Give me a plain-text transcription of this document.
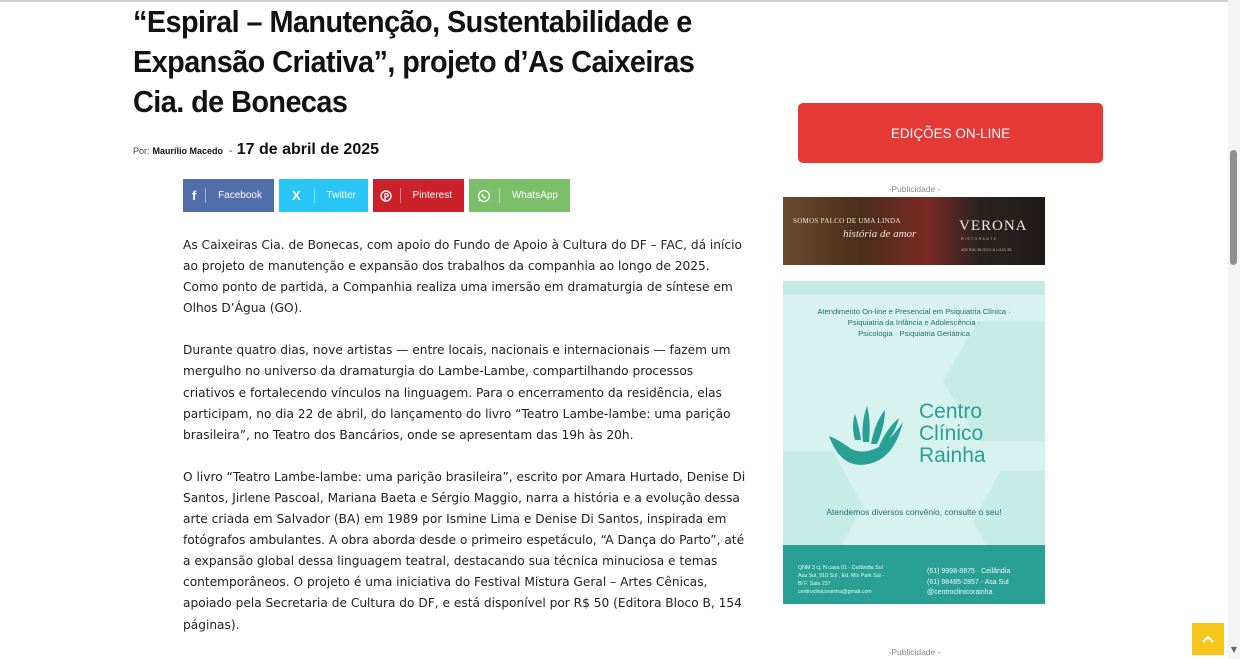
“Espiral – Manutenção, Sustentabilidade e Expansão Criativa”, projeto d’As Caixeiras Cia. de Bonecas
Por: Maurílio Macedo - 17 de abril de 2025
f	Facebook	X	Twitter	Pinterest	WhatsApp

As Caixeiras Cia. de Bonecas, com apoio do Fundo de Apoio à Cultura do DF – FAC, dá início ao projeto de manutenção e expansão dos trabalhos da companhia ao longo de 2025. Como ponto de partida, a Companhia realiza uma imersão em dramaturgia de síntese em Olhos D’Água (GO).

Durante quatro dias, nove artistas — entre locais, nacionais e internacionais — fazem um mergulho no universo da dramaturgia do Lambe-Lambe, compartilhando processos criativos e fortalecendo vínculos na linguagem. Para o encerramento da residência, elas participam, no dia 22 de abril, do lançamento do livro “Teatro Lambe-lambe: uma parição brasileira”, no Teatro dos Bancários, onde se apresentam das 19h às 20h.

O livro “Teatro Lambe-lambe: uma parição brasileira”, escrito por Amara Hurtado, Denise Di Santos, Jirlene Pascoal, Mariana Baeta e Sérgio Maggio, narra a história e a evolução dessa arte criada em Salvador (BA) em 1989 por Ismine Lima e Denise Di Santos, inspirada em fotógrafos ambulantes. A obra aborda desde o primeiro espetáculo, “A Dança do Parto”, até a expansão global dessa linguagem teatral, destacando sua técnica minuciosa e temas contemporâneos. O projeto é uma iniciativa do Festival Mistura Geral – Artes Cênicas, apoiado pela Secretaria de Cultura do DF, e está disponível por R$ 50 (Editora Bloco B, 154 páginas).

EDIÇÕES ON-LINE
-Publicidade -
SOMOS PALCO DE UMA LINDA
história de amor	VERONA
RISTORANTE
402 SUL BLOCO A LOJA 33
Atendimento On-line e Presencial em Psiquiatria Clínica ·
Psiquiatria da Infância e Adolescência ·
Psicologia · Psiquiatria Geriátrica
Centro
Clínico
Rainha
Atendemos diversos convênio, consulte o seu!
QNM 3 cj. N casa 01 - Ceilândia Sul
Asa Sul, 910 Sul , Ed. Mix Park Sul -
Bl F. Sala 237
centroclinicorainha@gmail.com
(61) 9998-8875 · Ceilândia
(61) 98485-2857 - Asa Sul
@centroclinicorainha
-Publicidade -	▼
